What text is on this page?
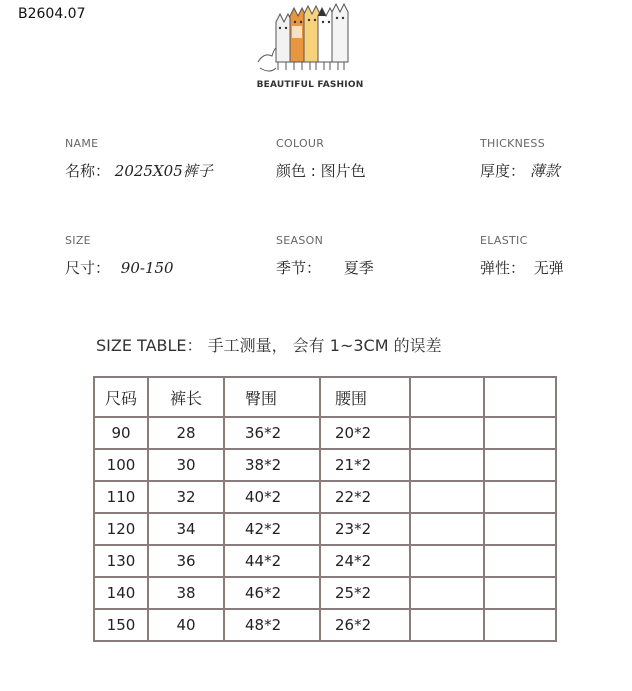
B2604.07
BEAUTIFUL FASHION
NAME
名称： 2025X05裤子
COLOUR
颜色 : 图片色
THICKNESS
厚度： 薄款
SIZE
尺寸： 90-150
SEASON
季节： 夏季
ELASTIC
弹性： 无弹
SIZE TABLE： 手工测量， 会有 1~3CM 的误差
尺码	裤长	臀围	腰围		
90	28	36*2	20*2		
100	30	38*2	21*2		
110	32	40*2	22*2		
120	34	42*2	23*2		
130	36	44*2	24*2		
140	38	46*2	25*2		
150	40	48*2	26*2		
